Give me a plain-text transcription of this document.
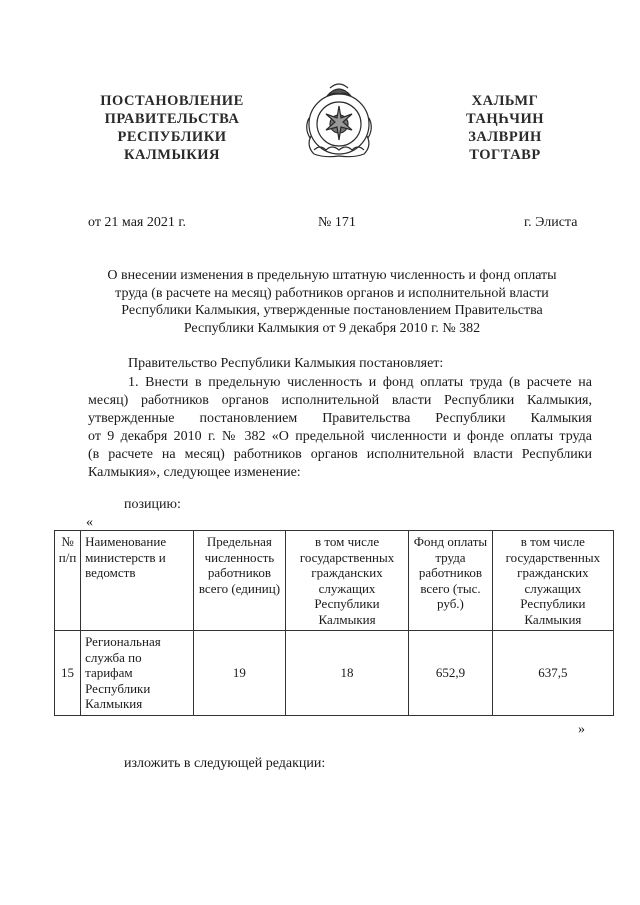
ПОСТАНОВЛЕНИЕ
ПРАВИТЕЛЬСТВА
РЕСПУБЛИКИ
КАЛМЫКИЯ
ХАЛЬМГ
ТАҢҺЧИН
ЗАЛВРИН
ТОГТАВР
от 21 мая 2021 г.	№ 171	г. Элиста
О внесении изменения в предельную штатную численность и фонд оплаты
труда (в расчете на месяц) работников органов и исполнительной власти
Республики Калмыкия, утвержденные постановлением Правительства
Республики Калмыкия от 9 декабря 2010 г. № 382
Правительство Республики Калмыкия постановляет:
1. Внести в предельную численность и фонд оплаты труда (в расчете на
месяц) работников органов исполнительной власти Республики Калмыкия,
утвержденные постановлением Правительства Республики Калмыкия
от 9 декабря 2010 г. № 382 «О предельной численности и фонде оплаты труда
(в расчете на месяц) работников органов исполнительной власти Республики
Калмыкия», следующее изменение:
позицию:
«
№ п/п	Наименование министерств и ведомств	Предельная численность работников всего (единиц)	в том числе государственных гражданских служащих Республики Калмыкия	Фонд оплаты труда работников всего (тыс. руб.)	в том числе государственных гражданских служащих Республики Калмыкия
15	Региональная
служба по
тарифам
Республики
Калмыкия	19	18	652,9	637,5
»
изложить в следующей редакции:
